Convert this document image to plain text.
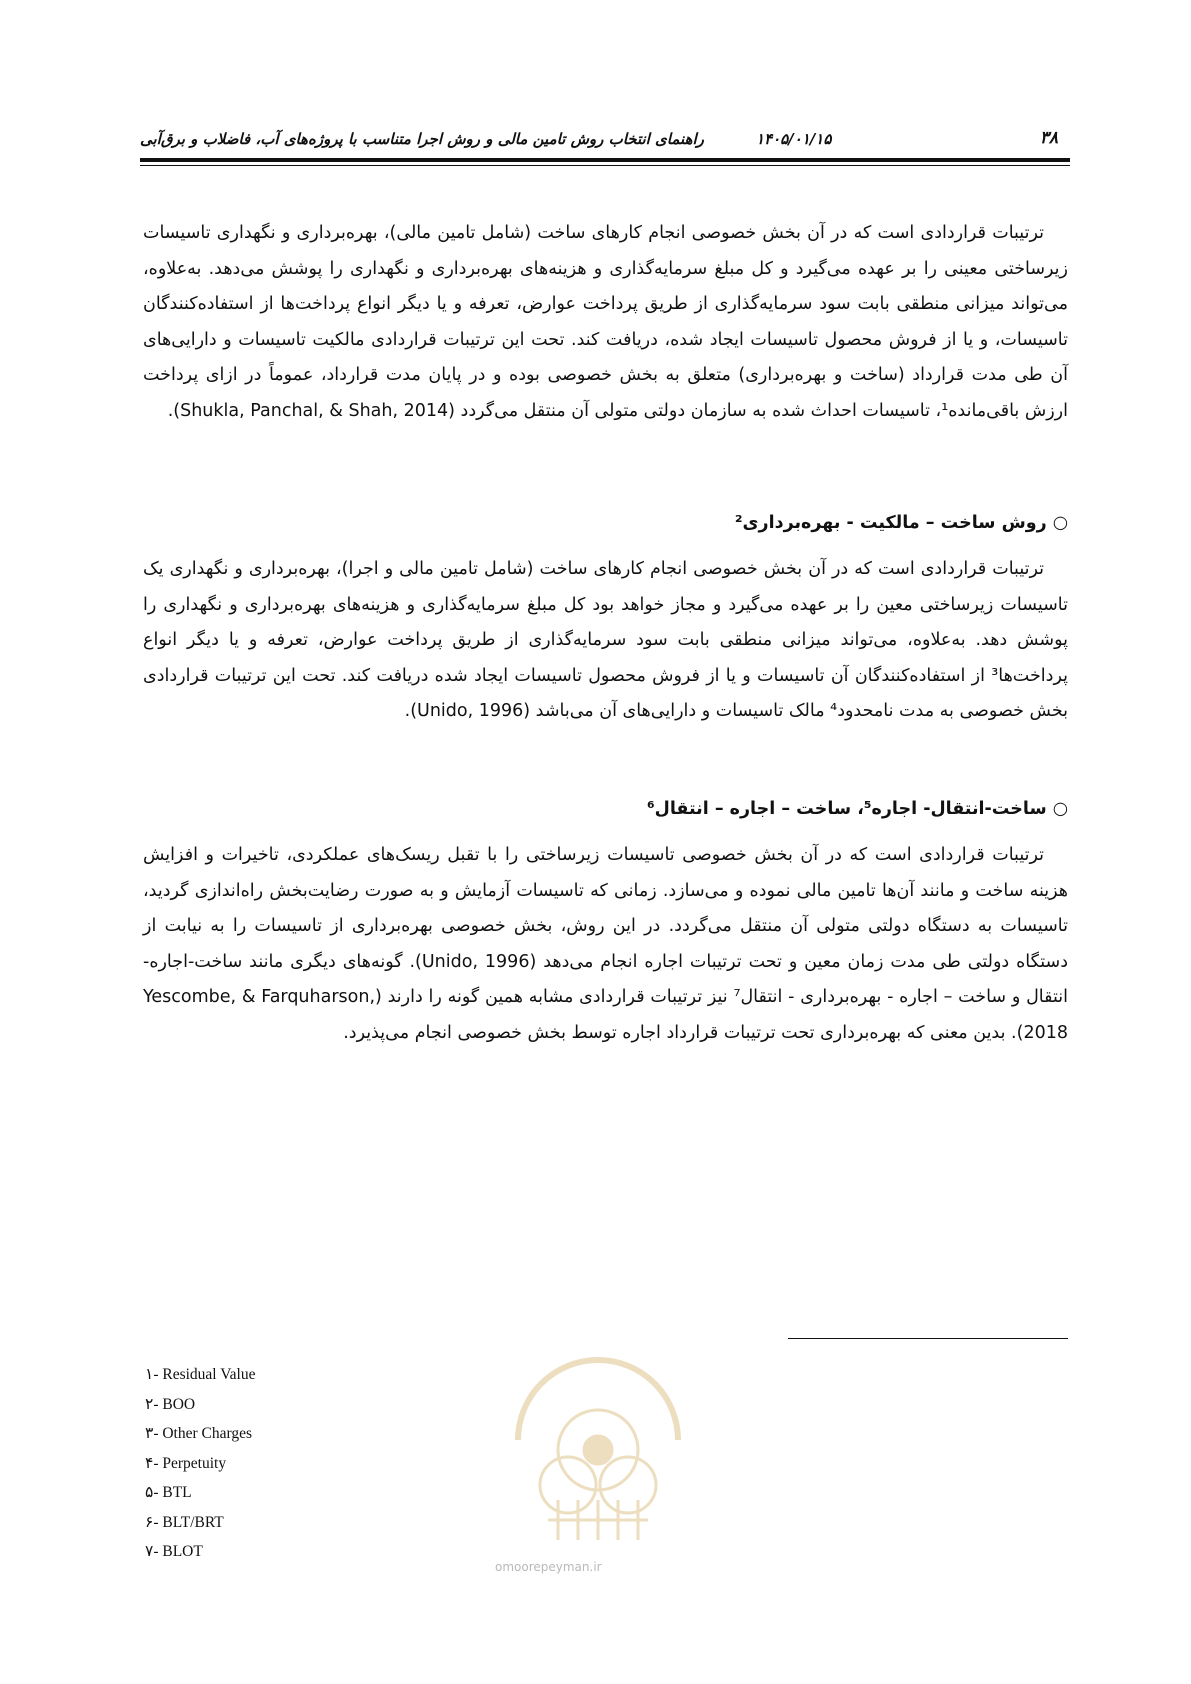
راهنمای انتخاب روش تامین مالی و روش اجرا متناسب با پروژه‌های آب، فاضلاب و برق‌آبی	۱۴۰۵/۰۱/۱۵	۳۸

ترتیبات قراردادی است که در آن بخش خصوصی انجام کارهای ساخت (شامل تامین مالی)، بهره‌برداری و نگهداری تاسیسات زیرساختی معینی را بر عهده می‌گیرد و کل مبلغ سرمایه‌گذاری و هزینه‌های بهره‌برداری و نگهداری را پوشش می‌دهد. به‌علاوه، می‌تواند میزانی منطقی بابت سود سرمایه‌گذاری از طریق پرداخت عوارض، تعرفه و یا دیگر انواع پرداخت‌ها از استفاده‌کنندگان تاسیسات، و یا از فروش محصول تاسیسات ایجاد شده، دریافت کند. تحت این ترتیبات قراردادی مالکیت تاسیسات و دارایی‌های آن طی مدت قرارداد (ساخت و بهره‌برداری) متعلق به بخش خصوصی بوده و در پایان مدت قرارداد، عموماً در ازای پرداخت ارزش باقی‌مانده¹، تاسیسات احداث شده به سازمان دولتی متولی آن منتقل می‌گردد (Shukla, Panchal, & Shah, 2014).

○روش ساخت – مالکیت - بهره‌برداری²

ترتیبات قراردادی است که در آن بخش خصوصی انجام کارهای ساخت (شامل تامین مالی و اجرا)، بهره‌برداری و نگهداری یک تاسیسات زیرساختی معین را بر عهده می‌گیرد و مجاز خواهد بود کل مبلغ سرمایه‌گذاری و هزینه‌های بهره‌برداری و نگهداری را پوشش دهد. به‌علاوه، می‌تواند میزانی منطقی بابت سود سرمایه‌گذاری از طریق پرداخت عوارض، تعرفه و یا دیگر انواع پرداخت‌ها³ از استفاده‌کنندگان آن تاسیسات و یا از فروش محصول تاسیسات ایجاد شده دریافت کند. تحت این ترتیبات قراردادی بخش خصوصی به مدت نامحدود⁴ مالک تاسیسات و دارایی‌های آن می‌باشد (Unido, 1996).

○ساخت-انتقال- اجاره⁵، ساخت – اجاره – انتقال⁶

ترتیبات قراردادی است که در آن بخش خصوصی تاسیسات زیرساختی را با تقبل ریسک‌های عملکردی، تاخیرات و افزایش هزینه ساخت و مانند آن‌ها تامین مالی نموده و می‌سازد. زمانی که تاسیسات آزمایش و به صورت رضایت‌بخش راه‌اندازی گردید، تاسیسات به دستگاه دولتی متولی آن منتقل می‌گردد. در این روش، بخش خصوصی بهره‌برداری از تاسیسات را به نیابت از دستگاه دولتی طی مدت زمان معین و تحت ترتیبات اجاره انجام می‌دهد (Unido, 1996). گونه‌های دیگری مانند ساخت-اجاره-انتقال و ساخت – اجاره - بهره‌برداری - انتقال⁷ نیز ترتیبات قراردادی مشابه همین گونه را دارند (Yescombe, & Farquharson, 2018). بدین معنی که بهره‌برداری تحت ترتیبات قرارداد اجاره توسط بخش خصوصی انجام می‌پذیرد.

۱- Residual Value
۲- BOO
۳- Other Charges
۴- Perpetuity
۵- BTL
۶- BLT/BRT
۷- BLOT
omoorepeyman.ir
